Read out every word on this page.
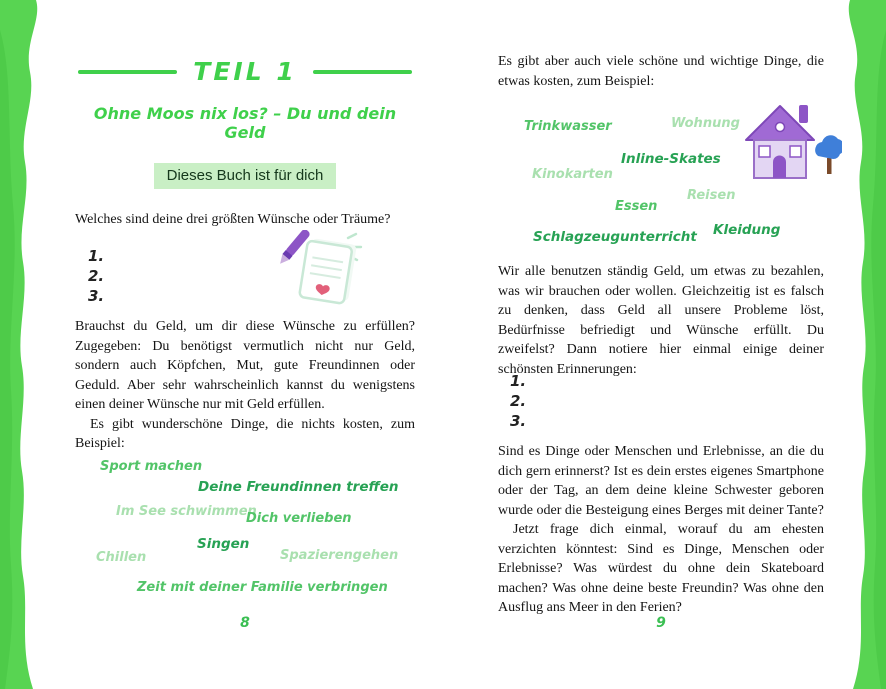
TEIL 1
Ohne Moos nix los? – Du und dein Geld
Dieses Buch ist für dich
Welches sind deine drei größten Wünsche oder Träume?
1.
2.
3.

Brauchst du Geld, um dir diese Wünsche zu erfüllen? Zugegeben: Du benötigst vermutlich nicht nur Geld, sondern auch Köpfchen, Mut, gute Freundinnen oder Geduld. Aber sehr wahrscheinlich kannst du wenigstens einen deiner Wünsche nur mit Geld erfüllen.

Es gibt wunderschöne Dinge, die nichts kosten, zum Beispiel:

Sport machen
Deine Freundinnen treffen
Im See schwimmen
Dich verlieben
Singen
Chillen	Spazierengehen
Zeit mit deiner Familie verbringen
8
Es gibt aber auch viele schöne und wichtige Dinge, die etwas kosten, zum Beispiel:
Trinkwasser	Wohnung
Inline-Skates
Kinokarten
Reisen
Essen
Schlagzeugunterricht Kleidung
Wir alle benutzen ständig Geld, um etwas zu bezahlen, was wir brauchen oder wollen. Gleichzeitig ist es falsch zu denken, dass Geld all unsere Probleme löst, Bedürfnisse befriedigt und Wünsche erfüllt. Du zweifelst? Dann notiere hier einmal einige deiner schönsten Erinnerungen:
1.
2.
3.

Sind es Dinge oder Menschen und Erlebnisse, an die du dich gern erinnerst? Ist es dein erstes eigenes Smartphone oder der Tag, an dem deine kleine Schwester geboren wurde oder die Besteigung eines Berges mit deiner Tante?

Jetzt frage dich einmal, worauf du am ehesten verzichten könntest: Sind es Dinge, Menschen oder Erlebnisse? Was würdest du ohne dein Skateboard machen? Was ohne deine beste Freundin? Was ohne den Ausflug ans Meer in den Ferien?

9
